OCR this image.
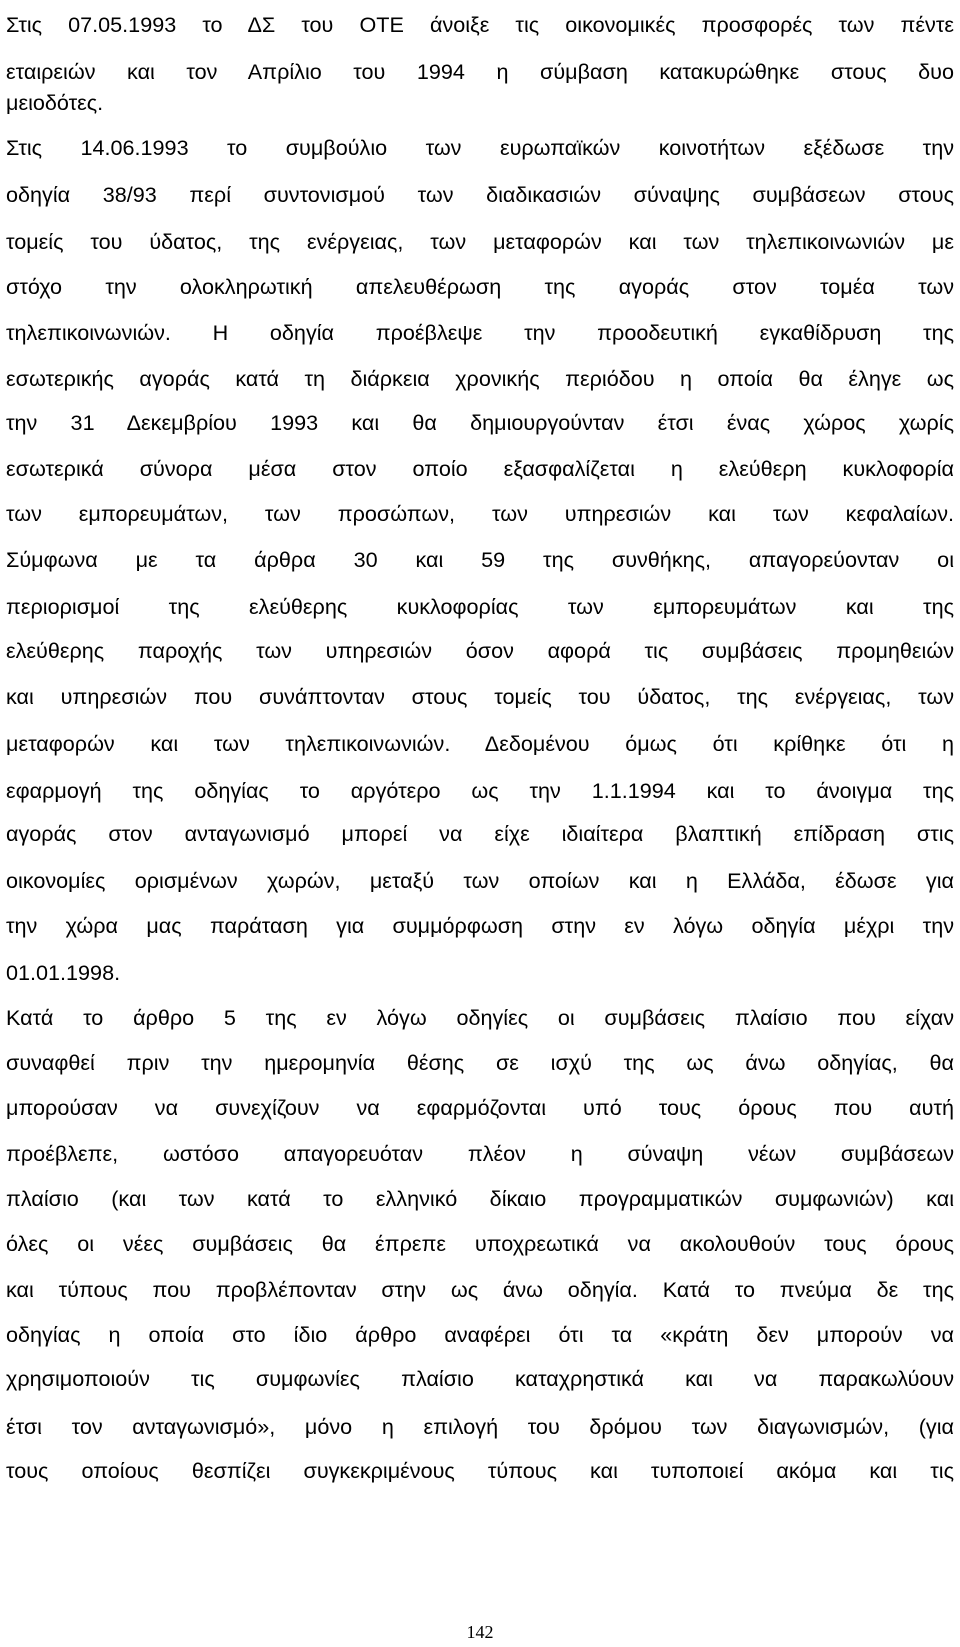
Στις 07.05.1993 το ΔΣ του ΟΤΕ άνοιξε τις οικονομικές προσφορές των πέντε
εταιρειών και τον Απρίλιο του 1994 η σύμβαση κατακυρώθηκε στους δυο
μειοδότες.
Στις 14.06.1993 το συμβούλιο των ευρωπαϊκών κοινοτήτων εξέδωσε την
οδηγία 38/93 περί συντονισμού των διαδικασιών σύναψης συμβάσεων στους
τομείς του ύδατος, της ενέργειας, των μεταφορών και των τηλεπικοινωνιών με
στόχο την ολοκληρωτική απελευθέρωση της αγοράς στον τομέα των
τηλεπικοινωνιών. Η οδηγία προέβλεψε την προοδευτική εγκαθίδρυση της
εσωτερικής αγοράς κατά τη διάρκεια χρονικής περιόδου η οποία θα έληγε ως
την 31 Δεκεμβρίου 1993 και θα δημιουργούνταν έτσι ένας χώρος χωρίς
εσωτερικά σύνορα μέσα στον οποίο εξασφαλίζεται η ελεύθερη κυκλοφορία
των εμπορευμάτων, των προσώπων, των υπηρεσιών και των κεφαλαίων.
Σύμφωνα με τα άρθρα 30 και 59 της συνθήκης, απαγορεύονταν οι
περιορισμοί της ελεύθερης κυκλοφορίας των εμπορευμάτων και της
ελεύθερης παροχής των υπηρεσιών όσον αφορά τις συμβάσεις προμηθειών
και υπηρεσιών που συνάπτονταν στους τομείς του ύδατος, της ενέργειας, των
μεταφορών και των τηλεπικοινωνιών. Δεδομένου όμως ότι κρίθηκε ότι η
εφαρμογή της οδηγίας το αργότερο ως την 1.1.1994 και το άνοιγμα της
αγοράς στον ανταγωνισμό μπορεί να είχε ιδιαίτερα βλαπτική επίδραση στις
οικονομίες ορισμένων χωρών, μεταξύ των οποίων και η Ελλάδα, έδωσε για
την χώρα μας παράταση για συμμόρφωση στην εν λόγω οδηγία μέχρι την
01.01.1998.
Κατά το άρθρο 5 της εν λόγω οδηγίες οι συμβάσεις πλαίσιο που είχαν
συναφθεί πριν την ημερομηνία θέσης σε ισχύ της ως άνω οδηγίας, θα
μπορούσαν να συνεχίζουν να εφαρμόζονται υπό τους όρους που αυτή
προέβλεπε, ωστόσο απαγορευόταν πλέον η σύναψη νέων συμβάσεων
πλαίσιο (και των κατά το ελληνικό δίκαιο προγραμματικών συμφωνιών) και
όλες οι νέες συμβάσεις θα έπρεπε υποχρεωτικά να ακολουθούν τους όρους
και τύπους που προβλέπονταν στην ως άνω οδηγία. Κατά το πνεύμα δε της
οδηγίας η οποία στο ίδιο άρθρο αναφέρει ότι τα «κράτη δεν μπορούν να
χρησιμοποιούν τις συμφωνίες πλαίσιο καταχρηστικά και να παρακωλύουν
έτσι τον ανταγωνισμό», μόνο η επιλογή του δρόμου των διαγωνισμών, (για
τους οποίους θεσπίζει συγκεκριμένους τύπους και τυποποιεί ακόμα και τις
142
